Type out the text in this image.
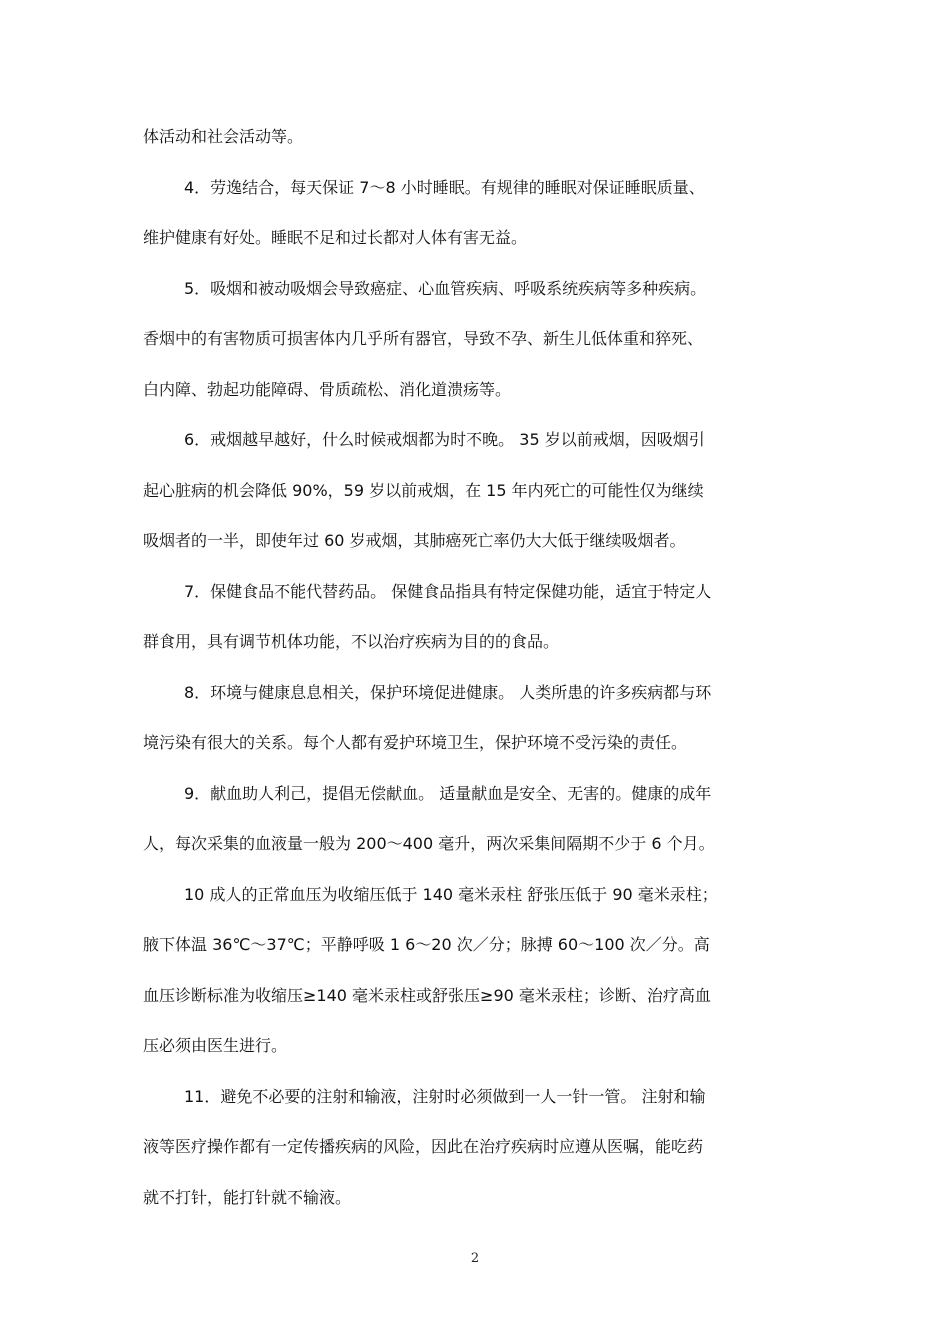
体活动和社会活动等。
4．劳逸结合，每天保证 7～8 小时睡眠。有规律的睡眠对保证睡眠质量、
维护健康有好处。睡眠不足和过长都对人体有害无益。
5．吸烟和被动吸烟会导致癌症、心血管疾病、呼吸系统疾病等多种疾病。
香烟中的有害物质可损害体内几乎所有器官，导致不孕、新生儿低体重和猝死、
白内障、勃起功能障碍、骨质疏松、消化道溃疡等。
6．戒烟越早越好，什么时候戒烟都为时不晚。 35 岁以前戒烟，因吸烟引
起心脏病的机会降低 90%，59 岁以前戒烟，在 15 年内死亡的可能性仅为继续
吸烟者的一半，即使年过 60 岁戒烟，其肺癌死亡率仍大大低于继续吸烟者。
7．保健食品不能代替药品。 保健食品指具有特定保健功能，适宜于特定人
群食用，具有调节机体功能，不以治疗疾病为目的的食品。
8．环境与健康息息相关，保护环境促进健康。 人类所患的许多疾病都与环
境污染有很大的关系。每个人都有爱护环境卫生，保护环境不受污染的责任。
9．献血助人利己，提倡无偿献血。 适量献血是安全、无害的。健康的成年
人，每次采集的血液量一般为 200～400 毫升，两次采集间隔期不少于 6 个月。
10 成人的正常血压为收缩压低于 140 毫米汞柱 舒张压低于 90 毫米汞柱；
腋下体温 36℃～37℃；平静呼吸 1 6～20 次／分；脉搏 60～100 次／分。高
血压诊断标准为收缩压≥140 毫米汞柱或舒张压≥90 毫米汞柱；诊断、治疗高血
压必须由医生进行。
11．避免不必要的注射和输液，注射时必须做到一人一针一管。 注射和输
液等医疗操作都有一定传播疾病的风险，因此在治疗疾病时应遵从医嘱，能吃药
就不打针，能打针就不输液。
2
